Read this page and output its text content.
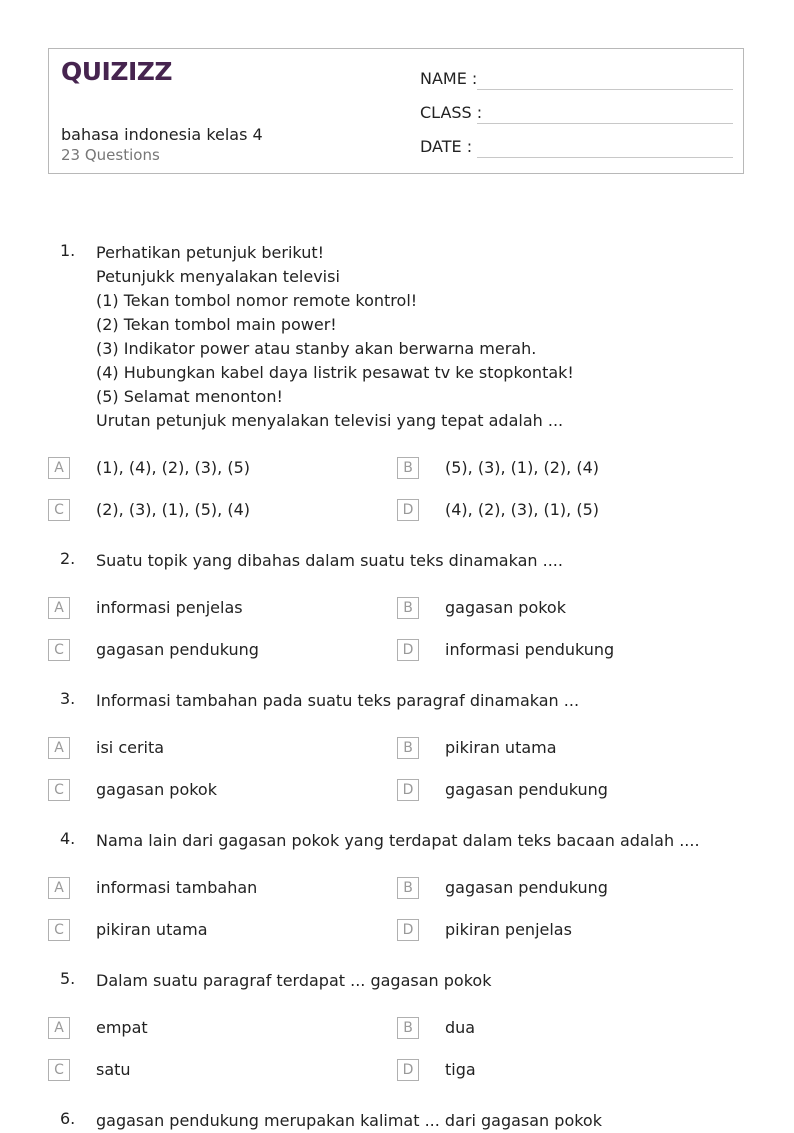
QUIZIZZ
bahasa indonesia kelas 4
23 Questions
NAME :
CLASS :
DATE :
1. Perhatikan petunjuk berikut!
Petunjukk menyalakan televisi
(1) Tekan tombol nomor remote kontrol!
(2) Tekan tombol main power!
(3) Indikator power atau stanby akan berwarna merah.
(4) Hubungkan kabel daya listrik pesawat tv ke stopkontak!
(5) Selamat menonton!
Urutan petunjuk menyalakan televisi yang tepat adalah ...
A	(1), (4), (2), (3), (5)	B	(5), (3), (1), (2), (4)
C	(2), (3), (1), (5), (4)	D	(4), (2), (3), (1), (5)
2. Suatu topik yang dibahas dalam suatu teks dinamakan ....
A	informasi penjelas	B	gagasan pokok
C	gagasan pendukung	D	informasi pendukung
3. Informasi tambahan pada suatu teks paragraf dinamakan ...
A	isi cerita	B	pikiran utama
C	gagasan pokok	D	gagasan pendukung
4. Nama lain dari gagasan pokok yang terdapat dalam teks bacaan adalah ....
A	informasi tambahan	B	gagasan pendukung
C	pikiran utama	D	pikiran penjelas
5. Dalam suatu paragraf terdapat ... gagasan pokok
A	empat	B	dua
C	satu	D	tiga
6. gagasan pendukung merupakan kalimat ... dari gagasan pokok
